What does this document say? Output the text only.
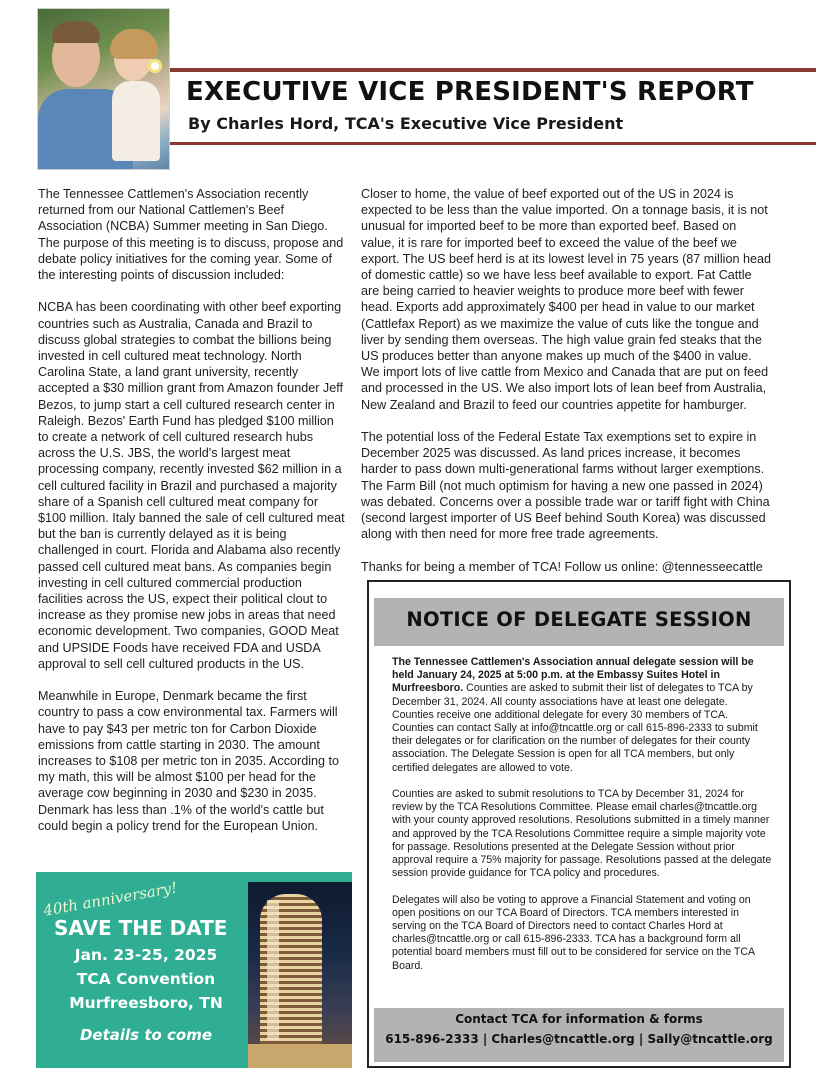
EXECUTIVE VICE PRESIDENT'S REPORT
By Charles Hord, TCA's Executive Vice President

The Tennessee Cattlemen's Association recently returned from our National Cattlemen's Beef Association (NCBA) Summer meeting in San Diego. The purpose of this meeting is to discuss, propose and debate policy initiatives for the coming year. Some of the interesting points of discussion included:

NCBA has been coordinating with other beef exporting countries such as Australia, Canada and Brazil to discuss global strategies to combat the billions being invested in cell cultured meat technology. North Carolina State, a land grant university, recently accepted a $30 million grant from Amazon founder Jeff Bezos, to jump start a cell cultured research center in Raleigh. Bezos' Earth Fund has pledged $100 million to create a network of cell cultured research hubs across the U.S. JBS, the world's largest meat processing company, recently invested $62 million in a cell cultured facility in Brazil and purchased a majority share of a Spanish cell cultured meat company for $100 million. Italy banned the sale of cell cultured meat but the ban is currently delayed as it is being challenged in court. Florida and Alabama also recently passed cell cultured meat bans. As companies begin investing in cell cultured commercial production facilities across the US, expect their political clout to increase as they promise new jobs in areas that need economic development. Two companies, GOOD Meat and UPSIDE Foods have received FDA and USDA approval to sell cell cultured products in the US.

Meanwhile in Europe, Denmark became the first country to pass a cow environmental tax. Farmers will have to pay $43 per metric ton for Carbon Dioxide emissions from cattle starting in 2030. The amount increases to $108 per metric ton in 2035. According to my math, this will be almost $100 per head for the average cow beginning in 2030 and $230 in 2035. Denmark has less than .1% of the world's cattle but could begin a policy trend for the European Union.

Closer to home, the value of beef exported out of the US in 2024 is expected to be less than the value imported. On a tonnage basis, it is not unusual for imported beef to be more than exported beef. Based on value, it is rare for imported beef to exceed the value of the beef we export. The US beef herd is at its lowest level in 75 years (87 million head of domestic cattle) so we have less beef available to export. Fat Cattle are being carried to heavier weights to produce more beef with fewer head. Exports add approximately $400 per head in value to our market (Cattlefax Report) as we maximize the value of cuts like the tongue and liver by sending them overseas. The high value grain fed steaks that the US produces better than anyone makes up much of the $400 in value. We import lots of live cattle from Mexico and Canada that are put on feed and processed in the US. We also import lots of lean beef from Australia, New Zealand and Brazil to feed our countries appetite for hamburger.

The potential loss of the Federal Estate Tax exemptions set to expire in December 2025 was discussed. As land prices increase, it becomes harder to pass down multi-generational farms without larger exemptions. The Farm Bill (not much optimism for having a new one passed in 2024) was debated. Concerns over a possible trade war or tariff fight with China (second largest importer of US Beef behind South Korea) was discussed along with then need for more free trade agreements.

Thanks for being a member of TCA! Follow us online: @tennesseecattle

40th anniversary!
SAVE THE DATE
Jan. 23-25, 2025
TCA Convention
Murfreesboro, TN
Details to come
NOTICE OF DELEGATE SESSION

The Tennessee Cattlemen's Association annual delegate session will be held January 24, 2025 at 5:00 p.m. at the Embassy Suites Hotel in Murfreesboro. Counties are asked to submit their list of delegates to TCA by December 31, 2024. All county associations have at least one delegate. Counties receive one additional delegate for every 30 members of TCA. Counties can contact Sally at info@tncattle.org or call 615-896-2333 to submit their delegates or for clarification on the number of delegates for their county association. The Delegate Session is open for all TCA members, but only certified delegates are allowed to vote.

Counties are asked to submit resolutions to TCA by December 31, 2024 for review by the TCA Resolutions Committee. Please email charles@tncattle.org with your county approved resolutions. Resolutions submitted in a timely manner and approved by the TCA Resolutions Committee require a simple majority vote for passage. Resolutions presented at the Delegate Session without prior approval require a 75% majority for passage. Resolutions passed at the delegate session provide guidance for TCA policy and procedures.

Delegates will also be voting to approve a Financial Statement and voting on open positions on our TCA Board of Directors. TCA members interested in serving on the TCA Board of Directors need to contact Charles Hord at charles@tncattle.org or call 615-896-2333. TCA has a background form all potential board members must fill out to be considered for service on the TCA Board.

Contact TCA for information & forms
615-896-2333 | Charles@tncattle.org | Sally@tncattle.org
